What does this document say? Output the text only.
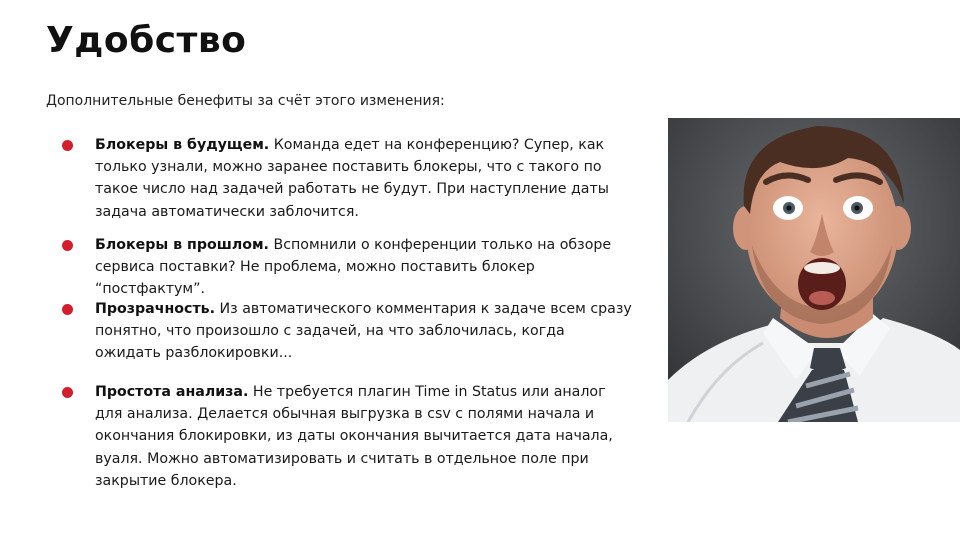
Удобство
Дополнительные бенефиты за счёт этого изменения:
Блокеры в будущем. Команда едет на конференцию? Супер, как только узнали, можно заранее поставить блокеры, что с такого по такое число над задачей работать не будут. При наступление даты задача автоматически заблочится.
Блокеры в прошлом. Вспомнили о конференции только на обзоре сервиса поставки? Не проблема, можно поставить блокер “постфактум”.
Прозрачность. Из автоматического комментария к задаче всем сразу понятно, что произошло с задачей, на что заблочилась, когда ожидать разблокировки...
Простота анализа. Не требуется плагин Time in Status или аналог для анализа. Делается обычная выгрузка в csv с полями начала и окончания блокировки, из даты окончания вычитается дата начала, вуаля. Можно автоматизировать и считать в отдельное поле при закрытие блокера.
